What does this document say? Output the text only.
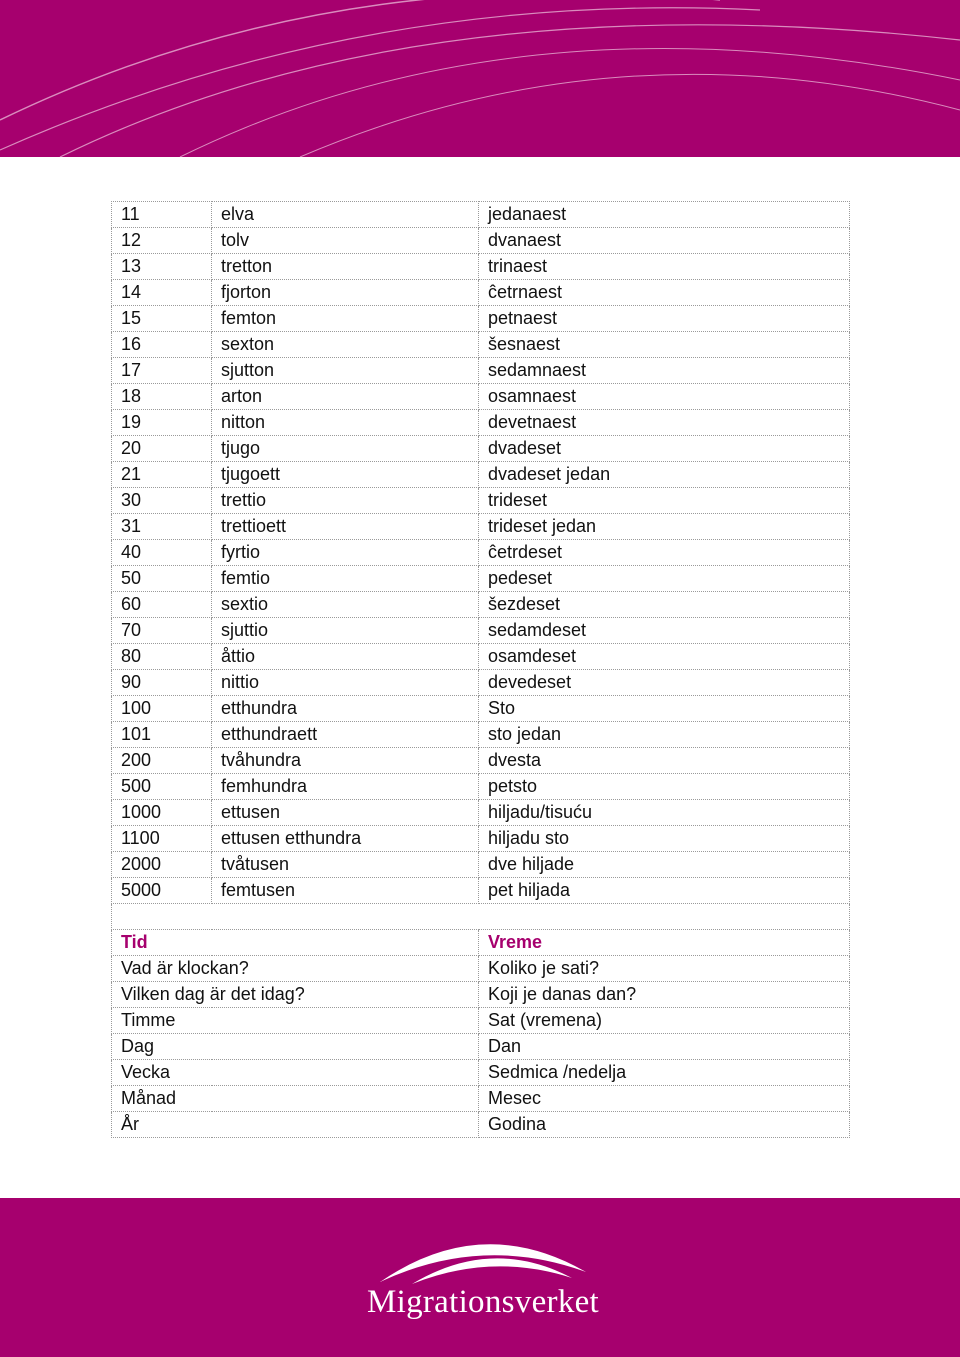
11	elva	jedanaest
12	tolv	dvanaest
13	tretton	trinaest
14	fjorton	ĉetrnaest
15	femton	petnaest
16	sexton	šesnaest
17	sjutton	sedamnaest
18	arton	osamnaest
19	nitton	devetnaest
20	tjugo	dvadeset
21	tjugoett	dvadeset jedan
30	trettio	trideset
31	trettioett	trideset jedan
40	fyrtio	ĉetrdeset
50	femtio	pedeset
60	sextio	šezdeset
70	sjuttio	sedamdeset
80	åttio	osamdeset
90	nittio	devedeset
100	etthundra	Sto
101	etthundraett	sto jedan
200	tvåhundra	dvesta
500	femhundra	petsto
1000	ettusen	hiljadu/tisuću
1100	ettusen etthundra	hiljadu sto
2000	tvåtusen	dve hiljade
5000	femtusen	pet hiljada

Tid		Vreme
Vad är klockan?		Koliko je sati?
Vilken dag är det idag?		Koji je danas dan?
Timme		Sat (vremena)
Dag		Dan
Vecka		Sedmica /nedelja
Månad		Mesec
År		Godina
Migrationsverket
